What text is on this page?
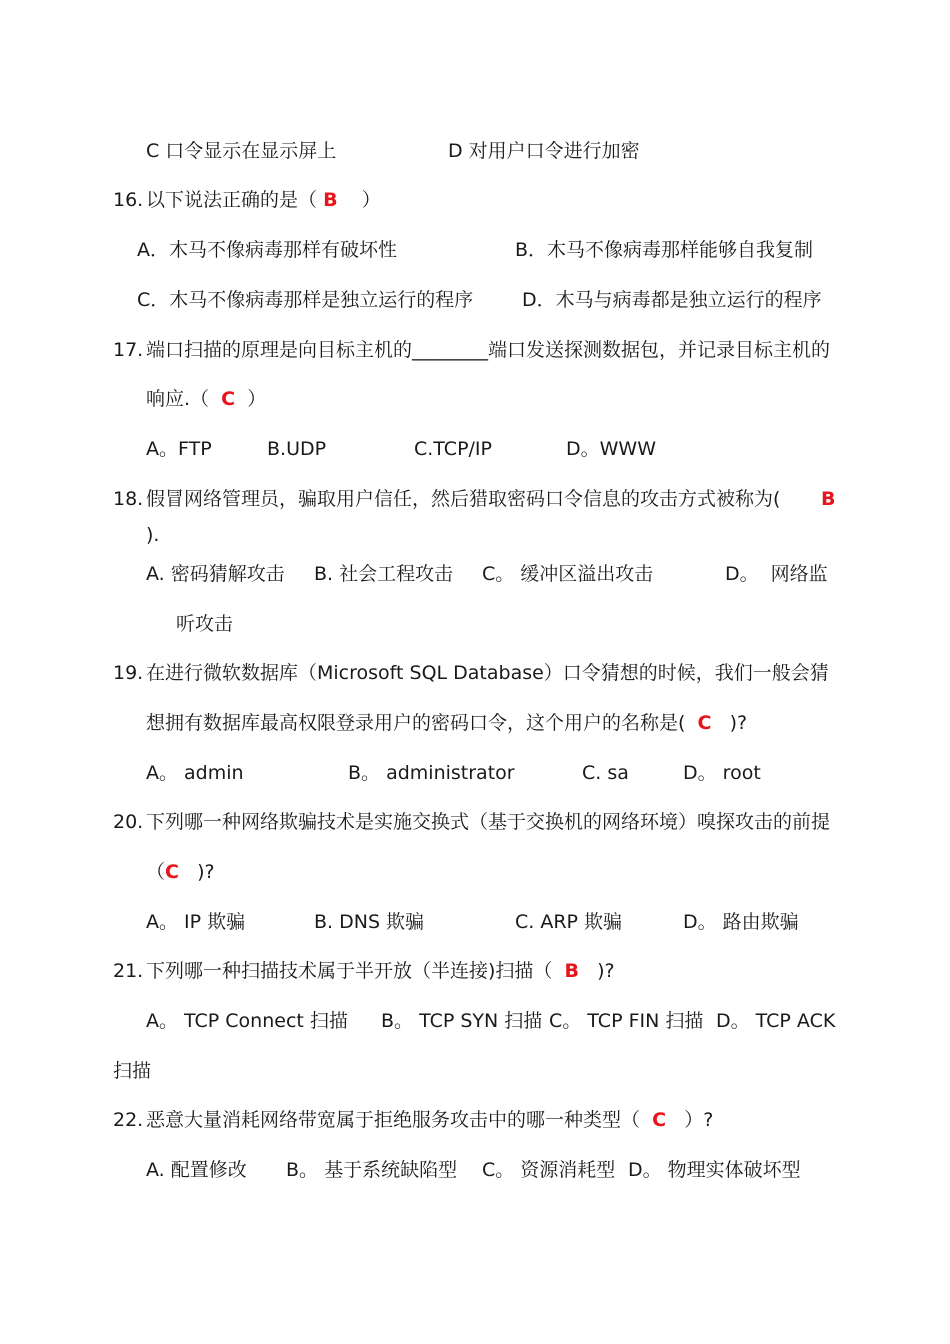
C 口令显示在显示屏上	D 对用户口令进行加密
16. 以下说法正确的是（ B ）
A．木马不像病毒那样有破坏性	B．木马不像病毒那样能够自我复制
C．木马不像病毒那样是独立运行的程序	D．木马与病毒都是独立运行的程序
17. 端口扫描的原理是向目标主机的________端口发送探测数据包，并记录目标主机的
响应.（ C ）
A。FTP	B.UDP	C.TCP/IP	D。WWW
18. 假冒网络管理员，骗取用户信任，然后猎取密码口令信息的攻击方式被称为( B
).
A. 密码猜解攻击 B. 社会工程攻击 C。 缓冲区溢出攻击	D。 网络监
听攻击
19. 在进行微软数据库（Microsoft SQL Database）口令猜想的时候，我们一般会猜
想拥有数据库最高权限登录用户的密码口令，这个用户的名称是( C )?
A。 admin	B。 administrator	C. sa	D。 root
20. 下列哪一种网络欺骗技术是实施交换式（基于交换机的网络环境）嗅探攻击的前提
（C )?
A。 IP 欺骗	B. DNS 欺骗	C. ARP 欺骗	D。 路由欺骗
21. 下列哪一种扫描技术属于半开放（半连接)扫描（ B )?
A。 TCP Connect 扫描 B。 TCP SYN 扫描 C。 TCP FIN 扫描 D。 TCP ACK
扫描
22. 恶意大量消耗网络带宽属于拒绝服务攻击中的哪一种类型（ C ）?
A. 配置修改 B。 基于系统缺陷型 C。 资源消耗型 D。 物理实体破坏型
